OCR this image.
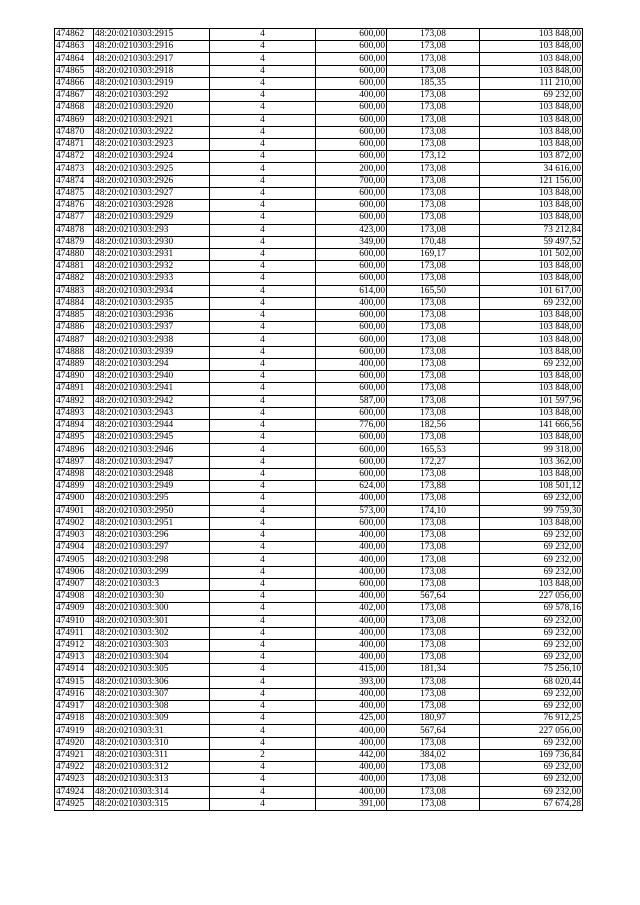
474862	48:20:0210303:2915	4	600,00	173,08	103 848,00
474863	48:20:0210303:2916	4	600,00	173,08	103 848,00
474864	48:20:0210303:2917	4	600,00	173,08	103 848,00
474865	48:20:0210303:2918	4	600,00	173,08	103 848,00
474866	48:20:0210303:2919	4	600,00	185,35	111 210,00
474867	48:20:0210303:292	4	400,00	173,08	69 232,00
474868	48:20:0210303:2920	4	600,00	173,08	103 848,00
474869	48:20:0210303:2921	4	600,00	173,08	103 848,00
474870	48:20:0210303:2922	4	600,00	173,08	103 848,00
474871	48:20:0210303:2923	4	600,00	173,08	103 848,00
474872	48:20:0210303:2924	4	600,00	173,12	103 872,00
474873	48:20:0210303:2925	4	200,00	173,08	34 616,00
474874	48:20:0210303:2926	4	700,00	173,08	121 156,00
474875	48:20:0210303:2927	4	600,00	173,08	103 848,00
474876	48:20:0210303:2928	4	600,00	173,08	103 848,00
474877	48:20:0210303:2929	4	600,00	173,08	103 848,00
474878	48:20:0210303:293	4	423,00	173,08	73 212,84
474879	48:20:0210303:2930	4	349,00	170,48	59 497,52
474880	48:20:0210303:2931	4	600,00	169,17	101 502,00
474881	48:20:0210303:2932	4	600,00	173,08	103 848,00
474882	48:20:0210303:2933	4	600,00	173,08	103 848,00
474883	48:20:0210303:2934	4	614,00	165,50	101 617,00
474884	48:20:0210303:2935	4	400,00	173,08	69 232,00
474885	48:20:0210303:2936	4	600,00	173,08	103 848,00
474886	48:20:0210303:2937	4	600,00	173,08	103 848,00
474887	48:20:0210303:2938	4	600,00	173,08	103 848,00
474888	48:20:0210303:2939	4	600,00	173,08	103 848,00
474889	48:20:0210303:294	4	400,00	173,08	69 232,00
474890	48:20:0210303:2940	4	600,00	173,08	103 848,00
474891	48:20:0210303:2941	4	600,00	173,08	103 848,00
474892	48:20:0210303:2942	4	587,00	173,08	101 597,96
474893	48:20:0210303:2943	4	600,00	173,08	103 848,00
474894	48:20:0210303:2944	4	776,00	182,56	141 666,56
474895	48:20:0210303:2945	4	600,00	173,08	103 848,00
474896	48:20:0210303:2946	4	600,00	165,53	99 318,00
474897	48:20:0210303:2947	4	600,00	172,27	103 362,00
474898	48:20:0210303:2948	4	600,00	173,08	103 848,00
474899	48:20:0210303:2949	4	624,00	173,88	108 501,12
474900	48:20:0210303:295	4	400,00	173,08	69 232,00
474901	48:20:0210303:2950	4	573,00	174,10	99 759,30
474902	48:20:0210303:2951	4	600,00	173,08	103 848,00
474903	48:20:0210303:296	4	400,00	173,08	69 232,00
474904	48:20:0210303:297	4	400,00	173,08	69 232,00
474905	48:20:0210303:298	4	400,00	173,08	69 232,00
474906	48:20:0210303:299	4	400,00	173,08	69 232,00
474907	48:20:0210303:3	4	600,00	173,08	103 848,00
474908	48:20:0210303:30	4	400,00	567,64	227 056,00
474909	48:20:0210303:300	4	402,00	173,08	69 578,16
474910	48:20:0210303:301	4	400,00	173,08	69 232,00
474911	48:20:0210303:302	4	400,00	173,08	69 232,00
474912	48:20:0210303:303	4	400,00	173,08	69 232,00
474913	48:20:0210303:304	4	400,00	173,08	69 232,00
474914	48:20:0210303:305	4	415,00	181,34	75 256,10
474915	48:20:0210303:306	4	393,00	173,08	68 020,44
474916	48:20:0210303:307	4	400,00	173,08	69 232,00
474917	48:20:0210303:308	4	400,00	173,08	69 232,00
474918	48:20:0210303:309	4	425,00	180,97	76 912,25
474919	48:20:0210303:31	4	400,00	567,64	227 056,00
474920	48:20:0210303:310	4	400,00	173,08	69 232,00
474921	48:20:0210303:311	2	442,00	384,02	169 736,84
474922	48:20:0210303:312	4	400,00	173,08	69 232,00
474923	48:20:0210303:313	4	400,00	173,08	69 232,00
474924	48:20:0210303:314	4	400,00	173,08	69 232,00
474925	48:20:0210303:315	4	391,00	173,08	67 674,28
